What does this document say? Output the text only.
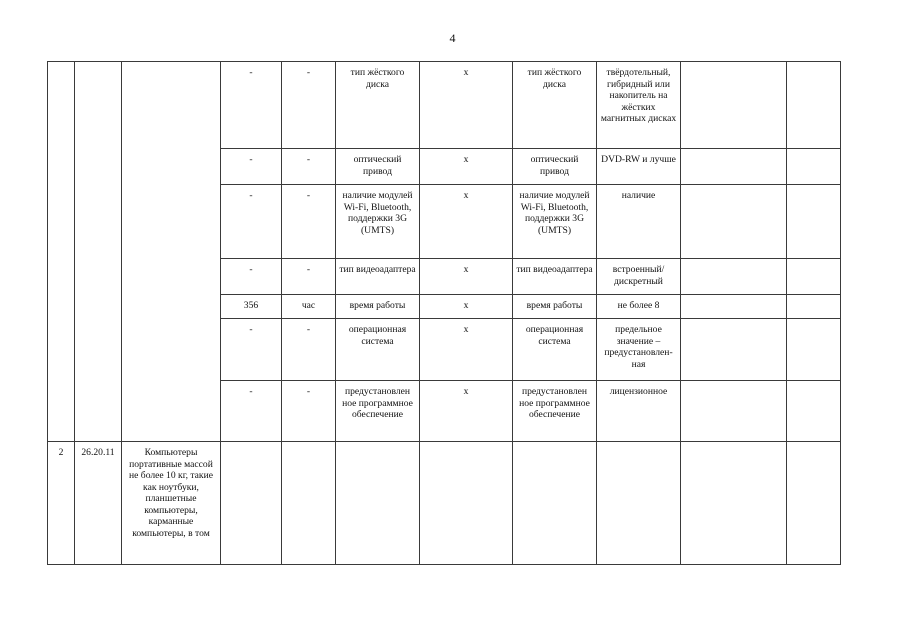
4
			-	-	тип жёсткого диска	х	тип жёсткого диска	твёрдотельный, гибридный или накопитель на жёстких магнитных дисках		
			-	-	оптический привод	х	оптический привод	DVD-RW и лучше		
			-	-	наличие модулей Wi-Fi, Bluetooth, поддержки 3G (UMTS)	х	наличие модулей Wi-Fi, Bluetooth, поддержки 3G (UMTS)	наличие		
			-	-	тип видеоадаптера	х	тип видеоадаптера	встроенный/ дискретный		
			356	час	время работы	х	время работы	не более 8		
			-	-	операционная система	х	операционная система	предельное значение – предустановлен-ная		
			-	-	предустановлен ное программное обеспечение	х	предустановлен ное программное обеспечение	лицензионное		
2	26.20.11	Компьютеры портативные массой не более 10 кг, такие как ноутбуки, планшетные компьютеры, карманные компьютеры, в том								
